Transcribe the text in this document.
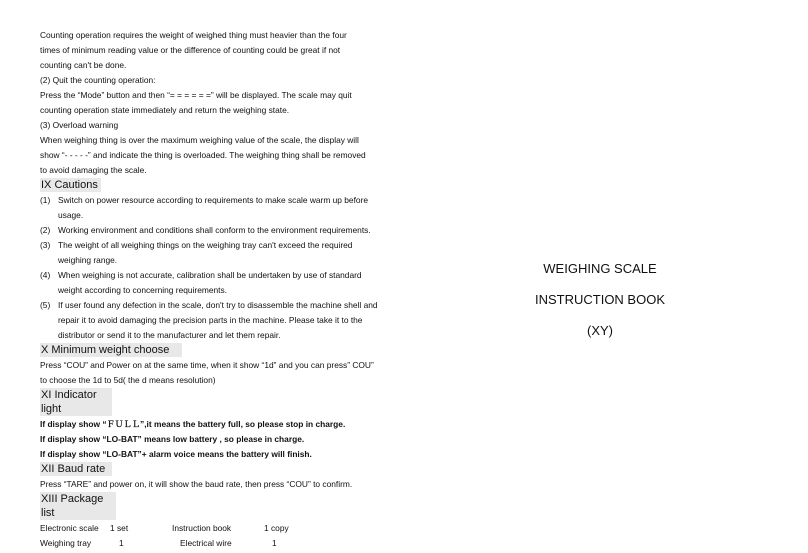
Counting operation requires the weight of weighed thing must heavier than the four
times of minimum reading value or the difference of counting could be great if not
counting can't be done.
(2) Quit the counting operation:
Press the “Mode” button and then “= = = = = =” will be displayed. The scale may quit
counting operation state immediately and return the weighing state.
(3) Overload warning
When weighing thing is over the maximum weighing value of the scale, the display will
show “- - - - -” and indicate the thing is overloaded. The weighing thing shall be removed
to avoid damaging the scale.
IX Cautions
(1) Switch on power resource according to requirements to make scale warm up before
usage.
(2) Working environment and conditions shall conform to the environment requirements.
(3) The weight of all weighing things on the weighing tray can't exceed the required
weighing range.
(4) When weighing is not accurate, calibration shall be undertaken by use of standard
weight according to concerning requirements.
(5) If user found any defection in the scale, don't try to disassemble the machine shell and
repair it to avoid damaging the precision parts in the machine. Please take it to the
distributor or send it to the manufacturer and let them repair.
X Minimum weight choose
Press “COU” and Power on at the same time, when it show “1d” and you can press” COU”
to choose the 1d to 5d( the d means resolution)
XI Indicator light
If display show “ＦＵＬＬ”,it means the battery full, so please stop in charge.
If display show “LO-BAT” means low battery , so please in charge.
If display show “LO-BAT”+ alarm voice means the battery will finish.
XII Baud rate
Press “TARE” and power on, it will show the baud rate, then press “COU” to confirm.
XIII Package list
Electronic scale	1 set	Instruction book	1 copy
Weighing tray	1	Electrical wire	1
WEIGHING SCALE
INSTRUCTION BOOK
(XY)
